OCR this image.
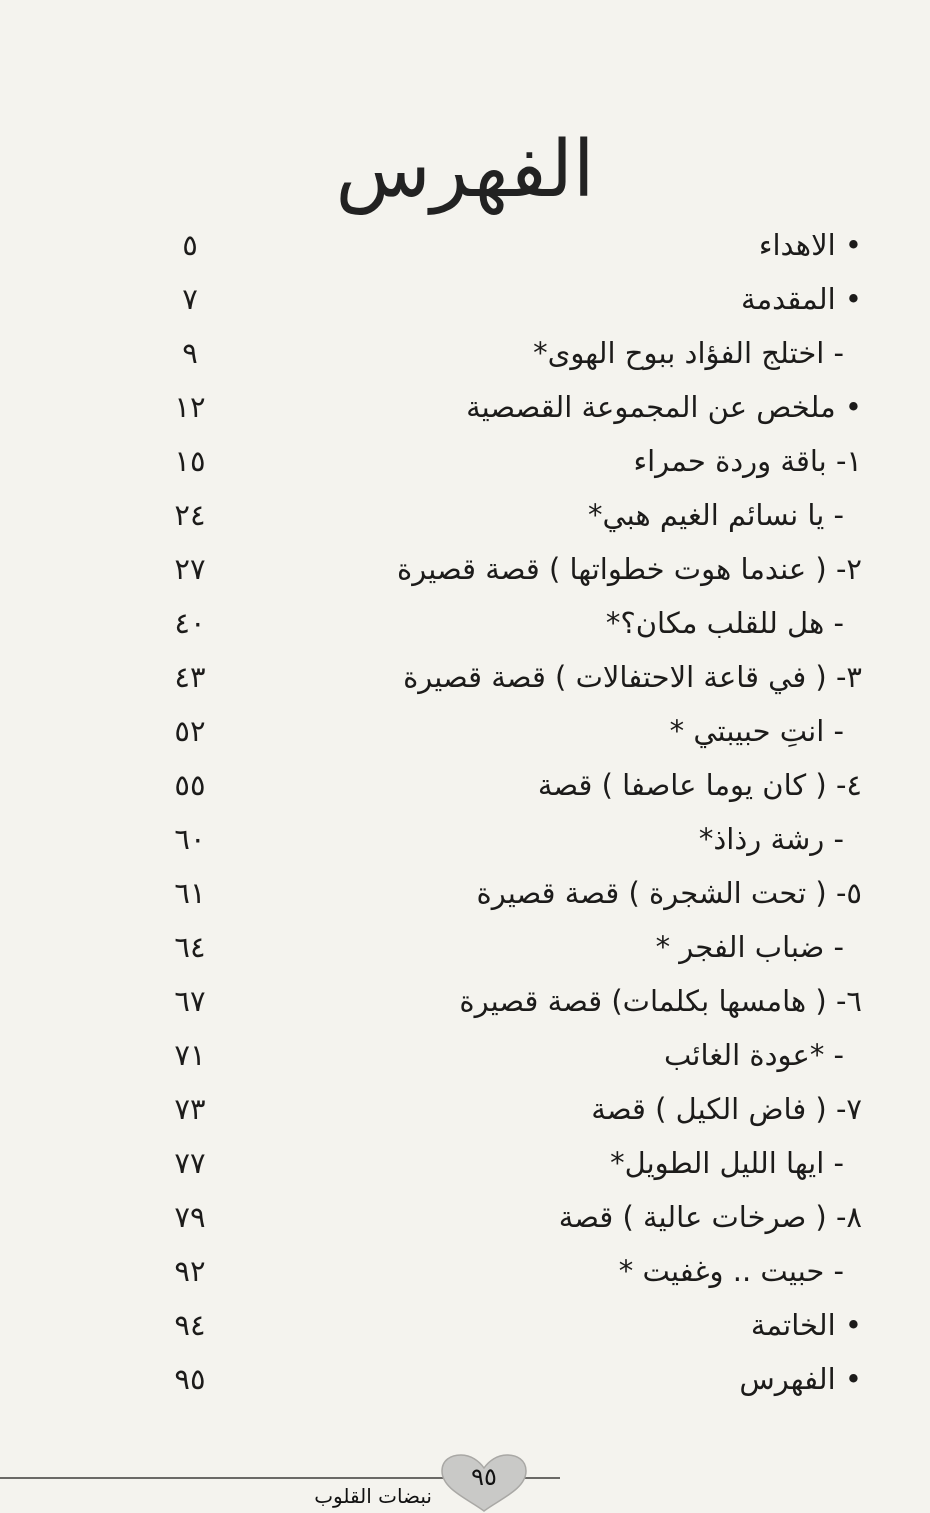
الفهرس
• الاهداء
٥
• المقدمة
٧
- اختلج الفؤاد ببوح الهوى*
٩
• ملخص عن المجموعة القصصية
١٢
١- باقة وردة حمراء
١٥
- يا نسائم الغيم هبي*
٢٤
٢- ( عندما هوت خطواتها ) قصة قصيرة
٢٧
- هل للقلب مكان؟*
٤٠
٣- ( في قاعة الاحتفالات ) قصة قصيرة
٤٣
- انتِ حبيبتي *
٥٢
٤- ( كان يوما عاصفا ) قصة
٥٥
- رشة رذاذ*
٦٠
٥- ( تحت الشجرة ) قصة قصيرة
٦١
- ضباب الفجر *
٦٤
٦- ( هامسها بكلمات) قصة قصيرة
٦٧
- *عودة الغائب
٧١
٧- ( فاض الكيل ) قصة
٧٣
- ايها الليل الطويل*
٧٧
٨- ( صرخات عالية ) قصة
٧٩
- حبيت .. وغفيت *
٩٢
• الخاتمة
٩٤
• الفهرس
٩٥
٩٥
نبضات القلوب
